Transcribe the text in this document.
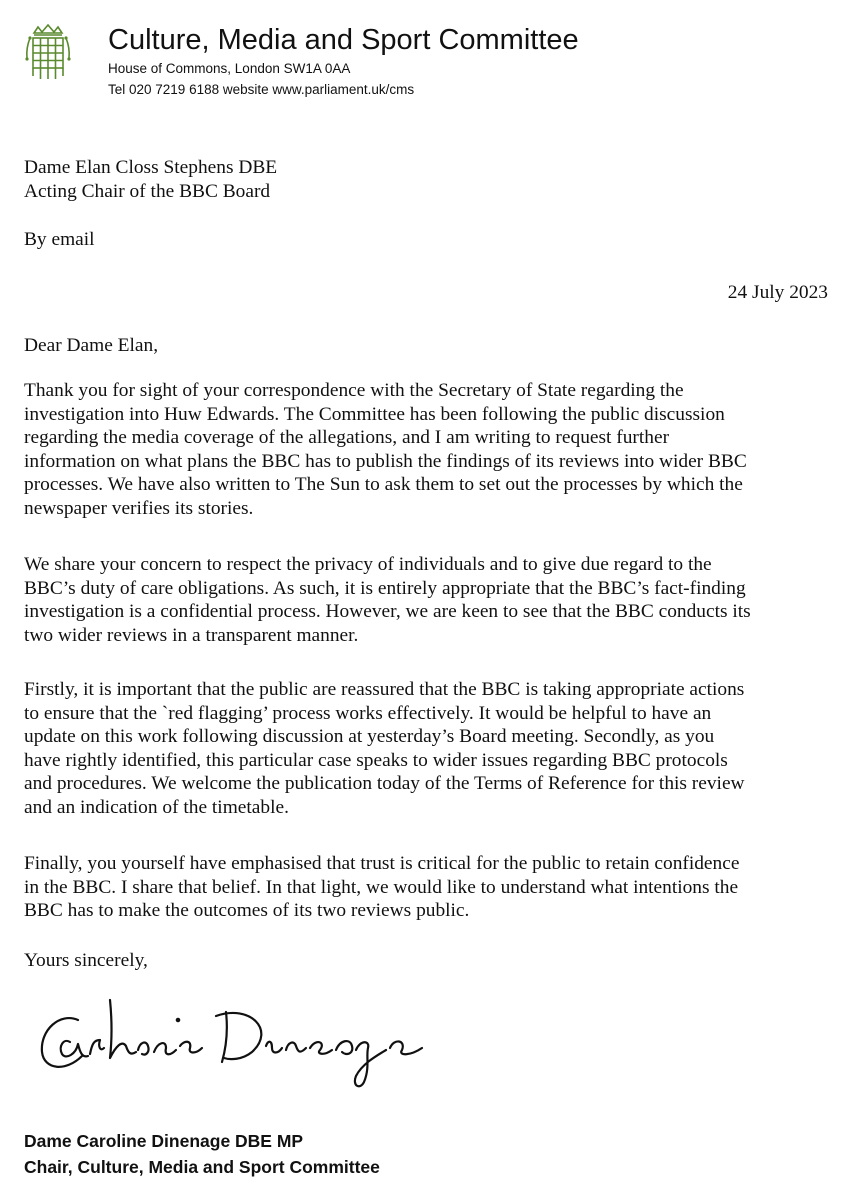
Culture, Media and Sport Committee
House of Commons, London SW1A 0AA
Tel 020 7219 6188 website www.parliament.uk/cms
Dame Elan Closs Stephens DBE
Acting Chair of the BBC Board
By email
24 July 2023
Dear Dame Elan,
Thank you for sight of your correspondence with the Secretary of State regarding the
investigation into Huw Edwards. The Committee has been following the public discussion
regarding the media coverage of the allegations, and I am writing to request further
information on what plans the BBC has to publish the findings of its reviews into wider BBC
processes. We have also written to The Sun to ask them to set out the processes by which the
newspaper verifies its stories.
We share your concern to respect the privacy of individuals and to give due regard to the
BBC’s duty of care obligations. As such, it is entirely appropriate that the BBC’s fact-finding
investigation is a confidential process. However, we are keen to see that the BBC conducts its
two wider reviews in a transparent manner.
Firstly, it is important that the public are reassured that the BBC is taking appropriate actions
to ensure that the `red flagging’ process works effectively. It would be helpful to have an
update on this work following discussion at yesterday’s Board meeting. Secondly, as you
have rightly identified, this particular case speaks to wider issues regarding BBC protocols
and procedures. We welcome the publication today of the Terms of Reference for this review
and an indication of the timetable.
Finally, you yourself have emphasised that trust is critical for the public to retain confidence
in the BBC. I share that belief. In that light, we would like to understand what intentions the
BBC has to make the outcomes of its two reviews public.
Yours sincerely,
Dame Caroline Dinenage DBE MP
Chair, Culture, Media and Sport Committee
